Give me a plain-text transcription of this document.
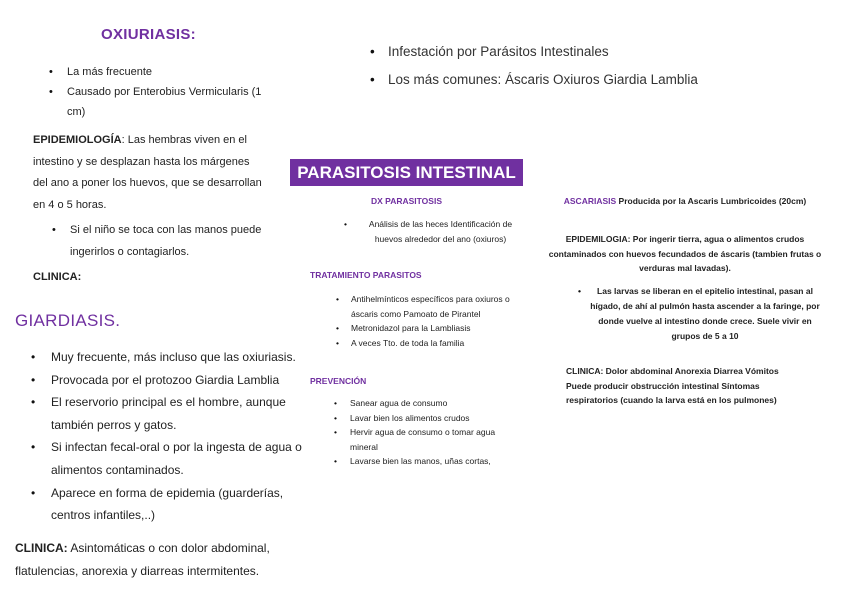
OXIURIASIS:
• La más frecuente
• Causado por Enterobius Vermicularis (1 cm)
EPIDEMIOLOGÍA: Las hembras viven en el intestino y se desplazan hasta los márgenes del ano a poner los huevos, que se desarrollan en 4 o 5 horas.
• Si el niño se toca con las manos puede ingerirlos o contagiarlos.
CLINICA:
GIARDIASIS.
• Muy frecuente, más incluso que las oxiuriasis.
• Provocada por el protozoo Giardia Lamblia
• El reservorio principal es el hombre, aunque también perros y gatos.
• Si infectan fecal-oral o por la ingesta de agua o alimentos contaminados.
• Aparece en forma de epidemia (guarderías, centros infantiles,..)
CLINICA: Asintomáticas o con dolor abdominal, flatulencias, anorexia y diarreas intermitentes.
• Infestación por Parásitos Intestinales
• Los más comunes: Áscaris Oxiuros Giardia Lamblia
PARASITOSIS INTESTINAL
DX PARASITOSIS
• Análisis de las heces Identificación de huevos alrededor del ano (oxiuros)
TRATAMIENTO PARASITOS
• Antihelmínticos específicos para oxiuros o áscaris como Pamoato de Pirantel
• Metronidazol para la Lambliasis
• A veces Tto. de toda la familia
PREVENCIÓN
• Sanear agua de consumo
• Lavar bien los alimentos crudos
• Hervir agua de consumo o tomar agua mineral
• Lavarse bien las manos, uñas cortas,
ASCARIASIS Producida por la Ascaris Lumbricoides (20cm)
EPIDEMILOGIA: Por ingerir tierra, agua o alimentos crudos contaminados con huevos fecundados de áscaris (tambien frutas o verduras mal lavadas).
• Las larvas se liberan en el epitelio intestinal, pasan al hígado, de ahí al pulmón hasta ascender a la faringe, por donde vuelve al intestino donde crece. Suele vivir en grupos de 5 a 10
CLINICA: Dolor abdominal Anorexia Diarrea Vómitos Puede producir obstrucción intestinal Síntomas respiratorios (cuando la larva está en los pulmones)
